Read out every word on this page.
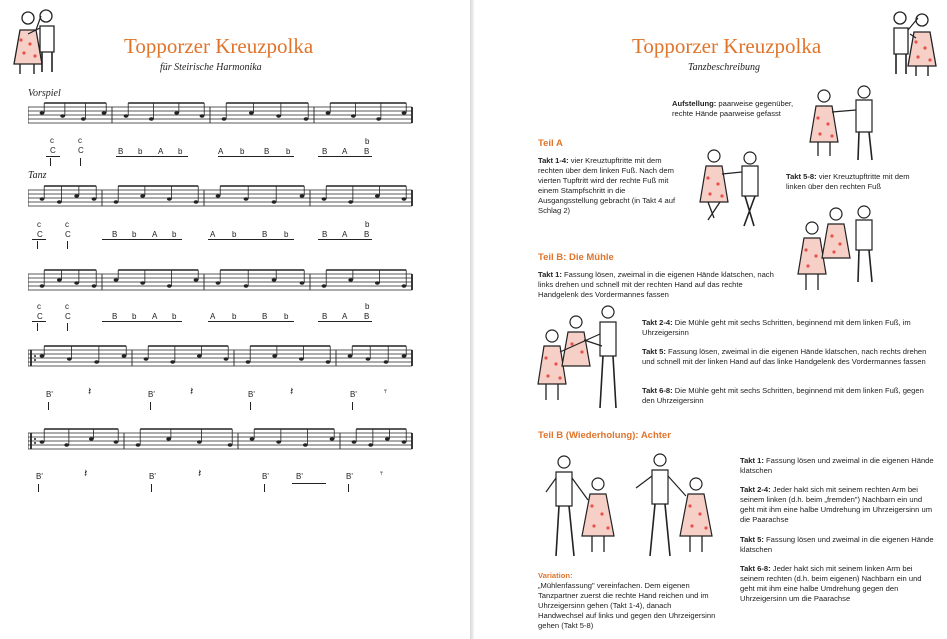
Topporzer Kreuzpolka
für Steirische Harmonika
Vorspiel
Tanz
c
C
c
C	B b A b	A b B b	B A B
b
c
C
c
C	B b A b	A b	B b	B A B
b
c
C
c
C	B b A b	A b	B b	B A B
b
B'	B'	B'	B'
𝄽	𝄽	𝄽	𝄾
B'	B'	B'	B'	B'
𝄽	𝄽	𝄾
Topporzer Kreuzpolka
Tanzbeschreibung
Aufstellung: paarweise gegenüber, rechte Hände paarweise gefasst
Teil A
Takt 1-4: vier Kreuztupftritte mit dem rechten über dem linken Fuß. Nach dem vierten Tupftritt wird der rechte Fuß mit einem Stampfschritt in die Ausgangsstellung gebracht (in Takt 4 auf Schlag 2)
Takt 5-8: vier Kreuztupftritte mit dem linken über den rechten Fuß
Teil B: Die Mühle
Takt 1: Fassung lösen, zweimal in die eigenen Hände klatschen, nach links drehen und schnell mit der rechten Hand auf das rechte Handgelenk des Vordermannes fassen
Takt 2-4: Die Mühle geht mit sechs Schritten, beginnend mit dem linken Fuß, im Uhrzeigersinn
Takt 5: Fassung lösen, zweimal in die eigenen Hände klatschen, nach rechts drehen und schnell mit der linken Hand auf das linke Handgelenk des Vordermannes fassen
Takt 6-8: Die Mühle geht mit sechs Schritten, beginnend mit dem linken Fuß, gegen den Uhrzeigersinn
Teil B (Wiederholung): Achter
Takt 1: Fassung lösen und zweimal in die eigenen Hände klatschen
Takt 2-4: Jeder hakt sich mit seinem rechten Arm bei seinem linken (d.h. beim „fremden") Nachbarn ein und geht mit ihm eine halbe Umdrehung im Uhrzeigersinn um die Paarachse
Takt 5: Fassung lösen und zweimal in die eigenen Hände klatschen
Takt 6-8: Jeder hakt sich mit seinem linken Arm bei seinem rechten (d.h. beim eigenen) Nachbarn ein und geht mit ihm eine halbe Umdrehung gegen den Uhrzeigersinn um die Paarachse
Variation:
„Mühlenfassung" vereinfachen. Dem eigenen Tanzpartner zuerst die rechte Hand reichen und im Uhrzeigersinn gehen (Takt 1-4), danach Handwechsel auf links und gegen den Uhrzeigersinn gehen (Takt 5-8)
